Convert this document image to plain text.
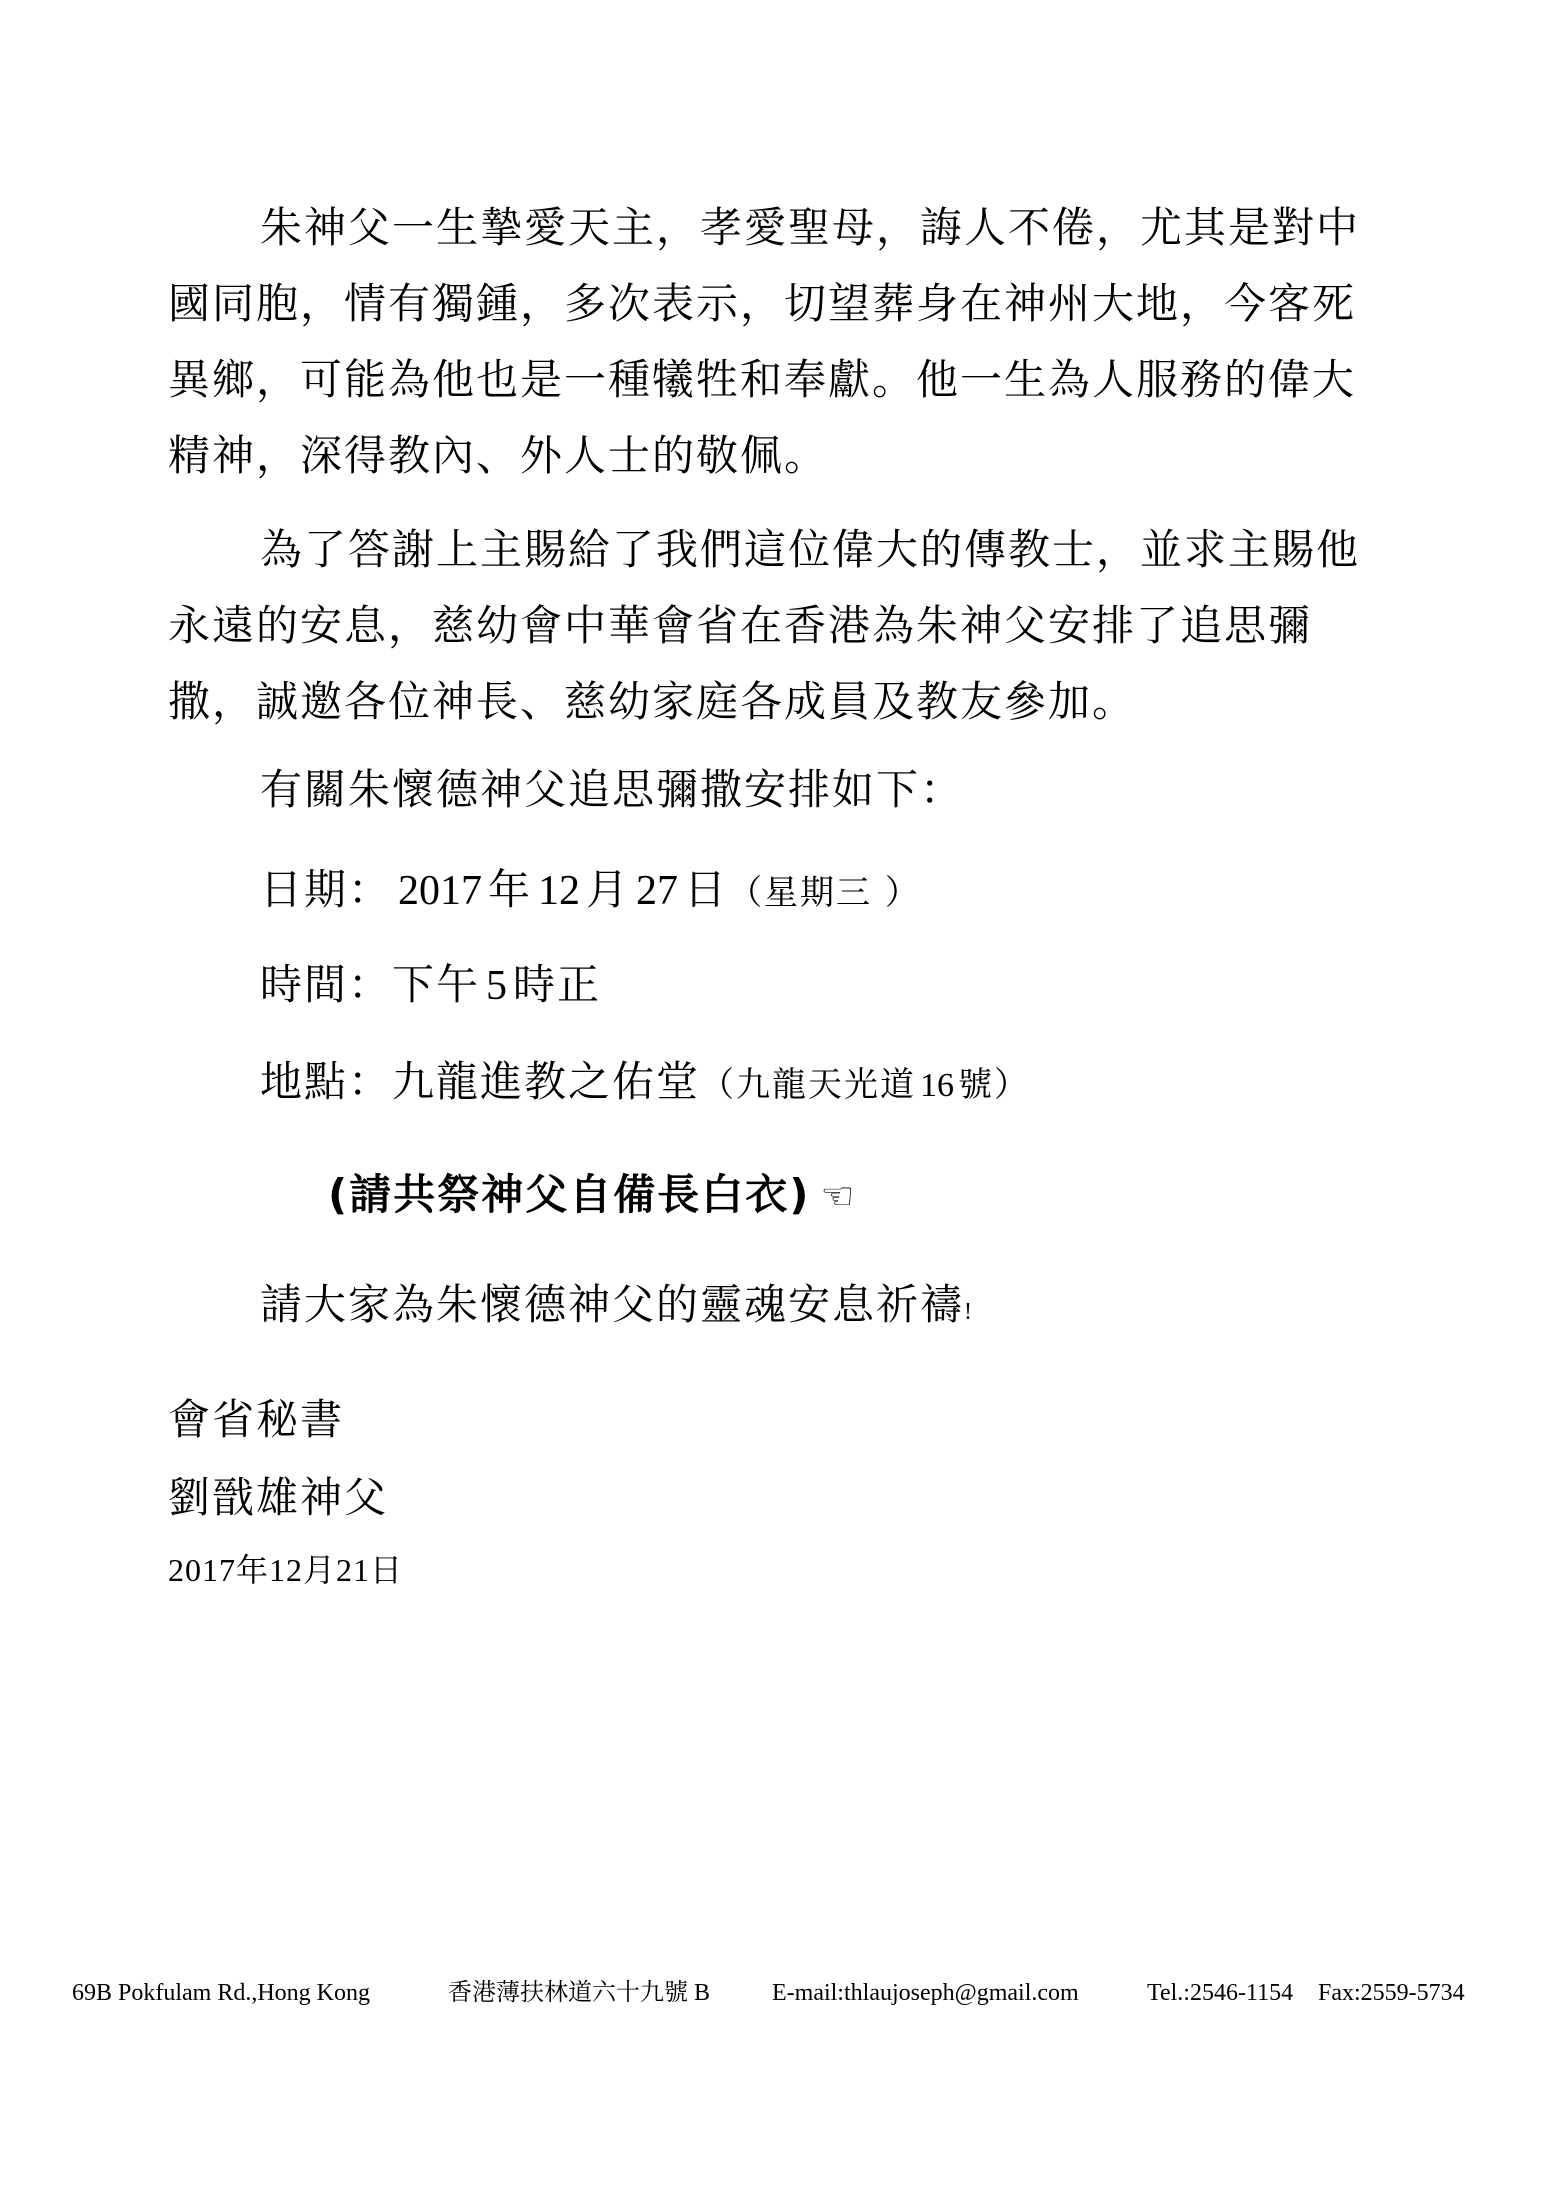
朱神父一生摯愛天主，孝愛聖母，誨人不倦，尤其是對中國同胞，情有獨鍾，多次表示，切望葬身在神州大地，今客死異鄉，可能為他也是一種犧牲和奉獻。他一生為人服務的偉大精神，深得教內、外人士的敬佩。

為了答謝上主賜給了我們這位偉大的傳教士，並求主賜他永遠的安息，慈幼會中華會省在香港為朱神父安排了追思彌撒，誠邀各位神長、慈幼家庭各成員及教友參加。

有關朱懷德神父追思彌撒安排如下：
日期： 2017 年 12 月 27 日（星期三 ）
時間：下午 5 時正
地點：九龍進教之佑堂（九龍天光道 16 號）
(請共祭神父自備長白衣) ☜
請大家為朱懷德神父的靈魂安息祈禱!
會省秘書
劉戩雄神父
2017年12月21日
69B Pokfulam Rd.,Hong Kong	香港薄扶林道六十九號 B	E-mail:thlaujoseph@gmail.com	Tel.:2546-1154 Fax:2559-5734
